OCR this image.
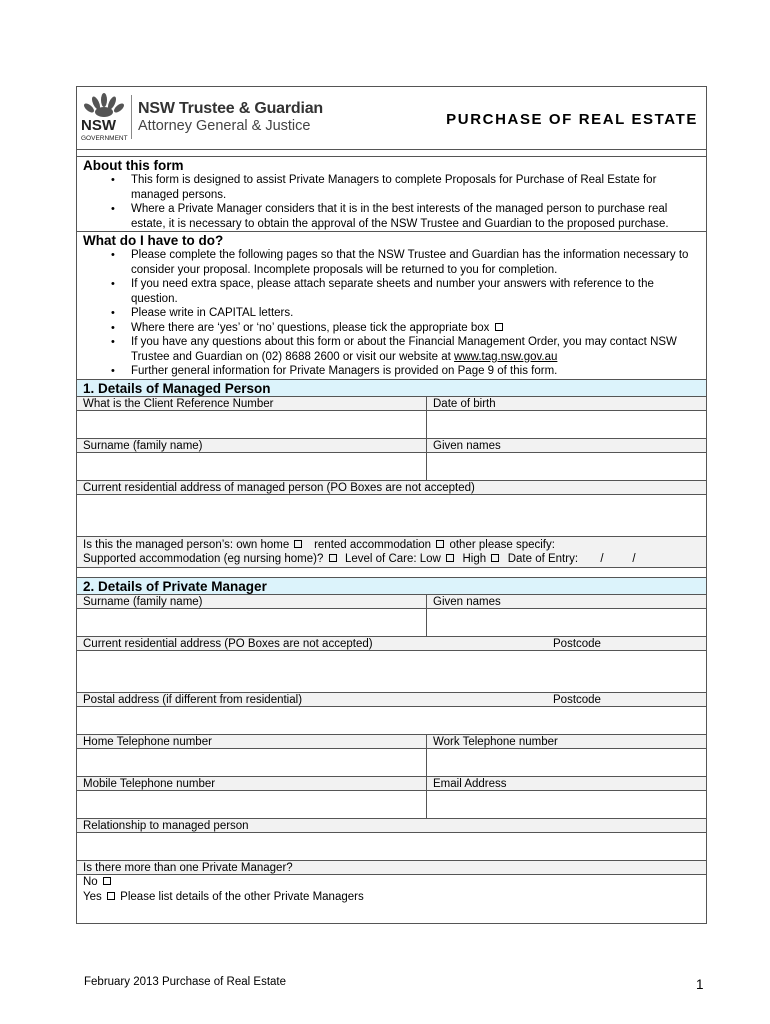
NSW
GOVERNMENT
NSW Trustee & Guardian
Attorney General & Justice	PURCHASE OF REAL ESTATE
About this form
• This form is designed to assist Private Managers to complete Proposals for Purchase of Real Estate for managed persons.
• Where a Private Manager considers that it is in the best interests of the managed person to purchase real estate, it is necessary to obtain the approval of the NSW Trustee and Guardian to the proposed purchase.
What do I have to do?
• Please complete the following pages so that the NSW Trustee and Guardian has the information necessary to consider your proposal. Incomplete proposals will be returned to you for completion.
• If you need extra space, please attach separate sheets and number your answers with reference to the question.
• Please write in CAPITAL letters.
• Where there are ‘yes’ or ‘no’ questions, please tick the appropriate box
• If you have any questions about this form or about the Financial Management Order, you may contact NSW Trustee and Guardian on (02) 8688 2600 or visit our website at www.tag.nsw.gov.au
• Further general information for Private Managers is provided on Page 9 of this form.
1. Details of Managed Person
What is the Client Reference Number	Date of birth
Surname (family name)	Given names
Current residential address of managed person (PO Boxes are not accepted)
Is this the managed person’s: own home rented accommodation other please specify:
Supported accommodation (eg nursing home)? Level of Care: Low High Date of Entry: /	/
2. Details of Private Manager
Surname (family name)	Given names
Current residential address (PO Boxes are not accepted)	Postcode
Postal address (if different from residential)	Postcode
Home Telephone number	Work Telephone number
Mobile Telephone number	Email Address
Relationship to managed person
Is there more than one Private Manager?
No
Yes Please list details of the other Private Managers
February 2013 Purchase of Real Estate	1
